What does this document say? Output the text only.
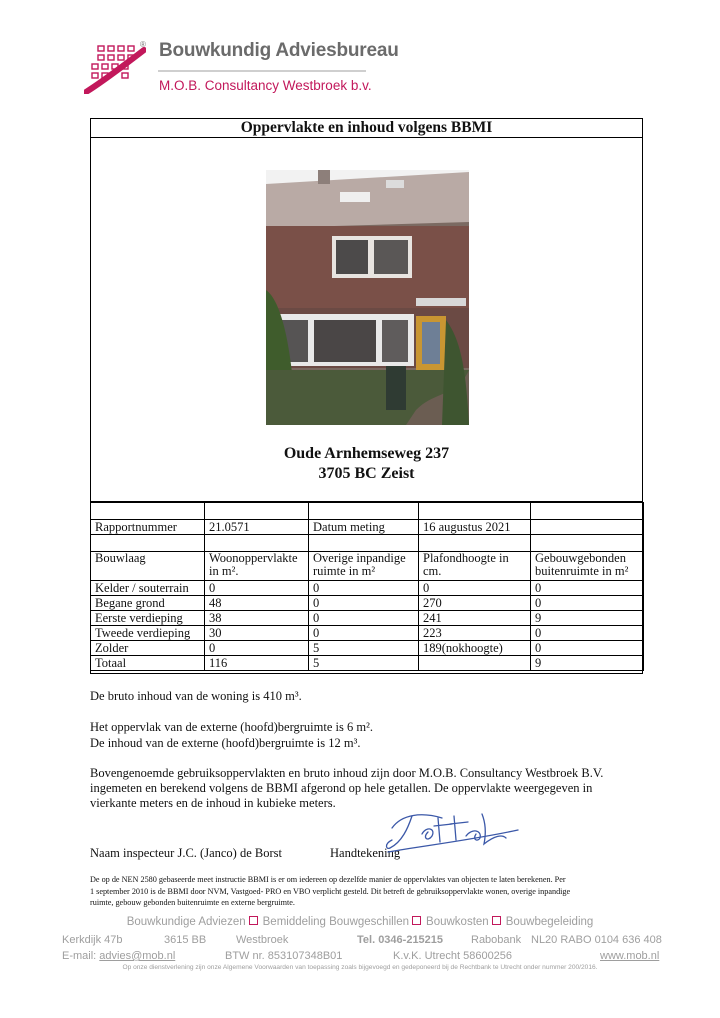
® Bouwkundig Adviesbureau
M.O.B. Consultancy Westbroek b.v.
Oppervlakte en inhoud volgens BBMI
Oude Arnhemseweg 237
3705 BC Zeist

Rapportnummer	21.0571	Datum meting	16 augustus 2021	

Bouwlaag	Woonoppervlakte in m².	Overige inpandige ruimte in m²	Plafondhoogte in cm.	Gebouwgebonden buitenruimte in m²
Kelder / souterrain	0	0	0	0
Begane grond	48	0	270	0
Eerste verdieping	38	0	241	9
Tweede verdieping	30	0	223	0
Zolder	0	5	189(nokhoogte)	0
Totaal	116	5		9
De bruto inhoud van de woning is 410 m³.
Het oppervlak van de externe (hoofd)bergruimte is 6 m².
De inhoud van de externe (hoofd)bergruimte is 12 m³.
Bovengenoemde gebruiksoppervlakten en bruto inhoud zijn door M.O.B. Consultancy Westbroek B.V.
ingemeten en berekend volgens de BBMI afgerond op hele getallen. De oppervlakte weergegeven in
vierkante meters en de inhoud in kubieke meters.
Naam inspecteur J.C. (Janco) de Borst	Handtekening
De op de NEN 2580 gebaseerde meet instructie BBMI is er om iedereen op dezelfde manier de oppervlaktes van objecten te laten berekenen. Per
1 september 2010 is de BBMI door NVM, Vastgoed- PRO en VBO verplicht gesteld. Dit betreft de gebruiksoppervlakte wonen, overige inpandige
ruimte, gebouw gebonden buitenruimte en externe bergruimte.
Bouwkundige Adviezen Bemiddeling Bouwgeschillen Bouwkosten Bouwbegeleiding
Kerkdijk 47b	3615 BB	Westbroek	Tel. 0346-215215	Rabobank NL20 RABO 0104 636 408
E-mail: advies@mob.nl	BTW nr. 853107348B01	K.v.K. Utrecht 58600256	www.mob.nl
Op onze dienstverlening zijn onze Algemene Voorwaarden van toepassing zoals bijgevoegd en gedeponeerd bij de Rechtbank te Utrecht onder nummer 200/2016.
